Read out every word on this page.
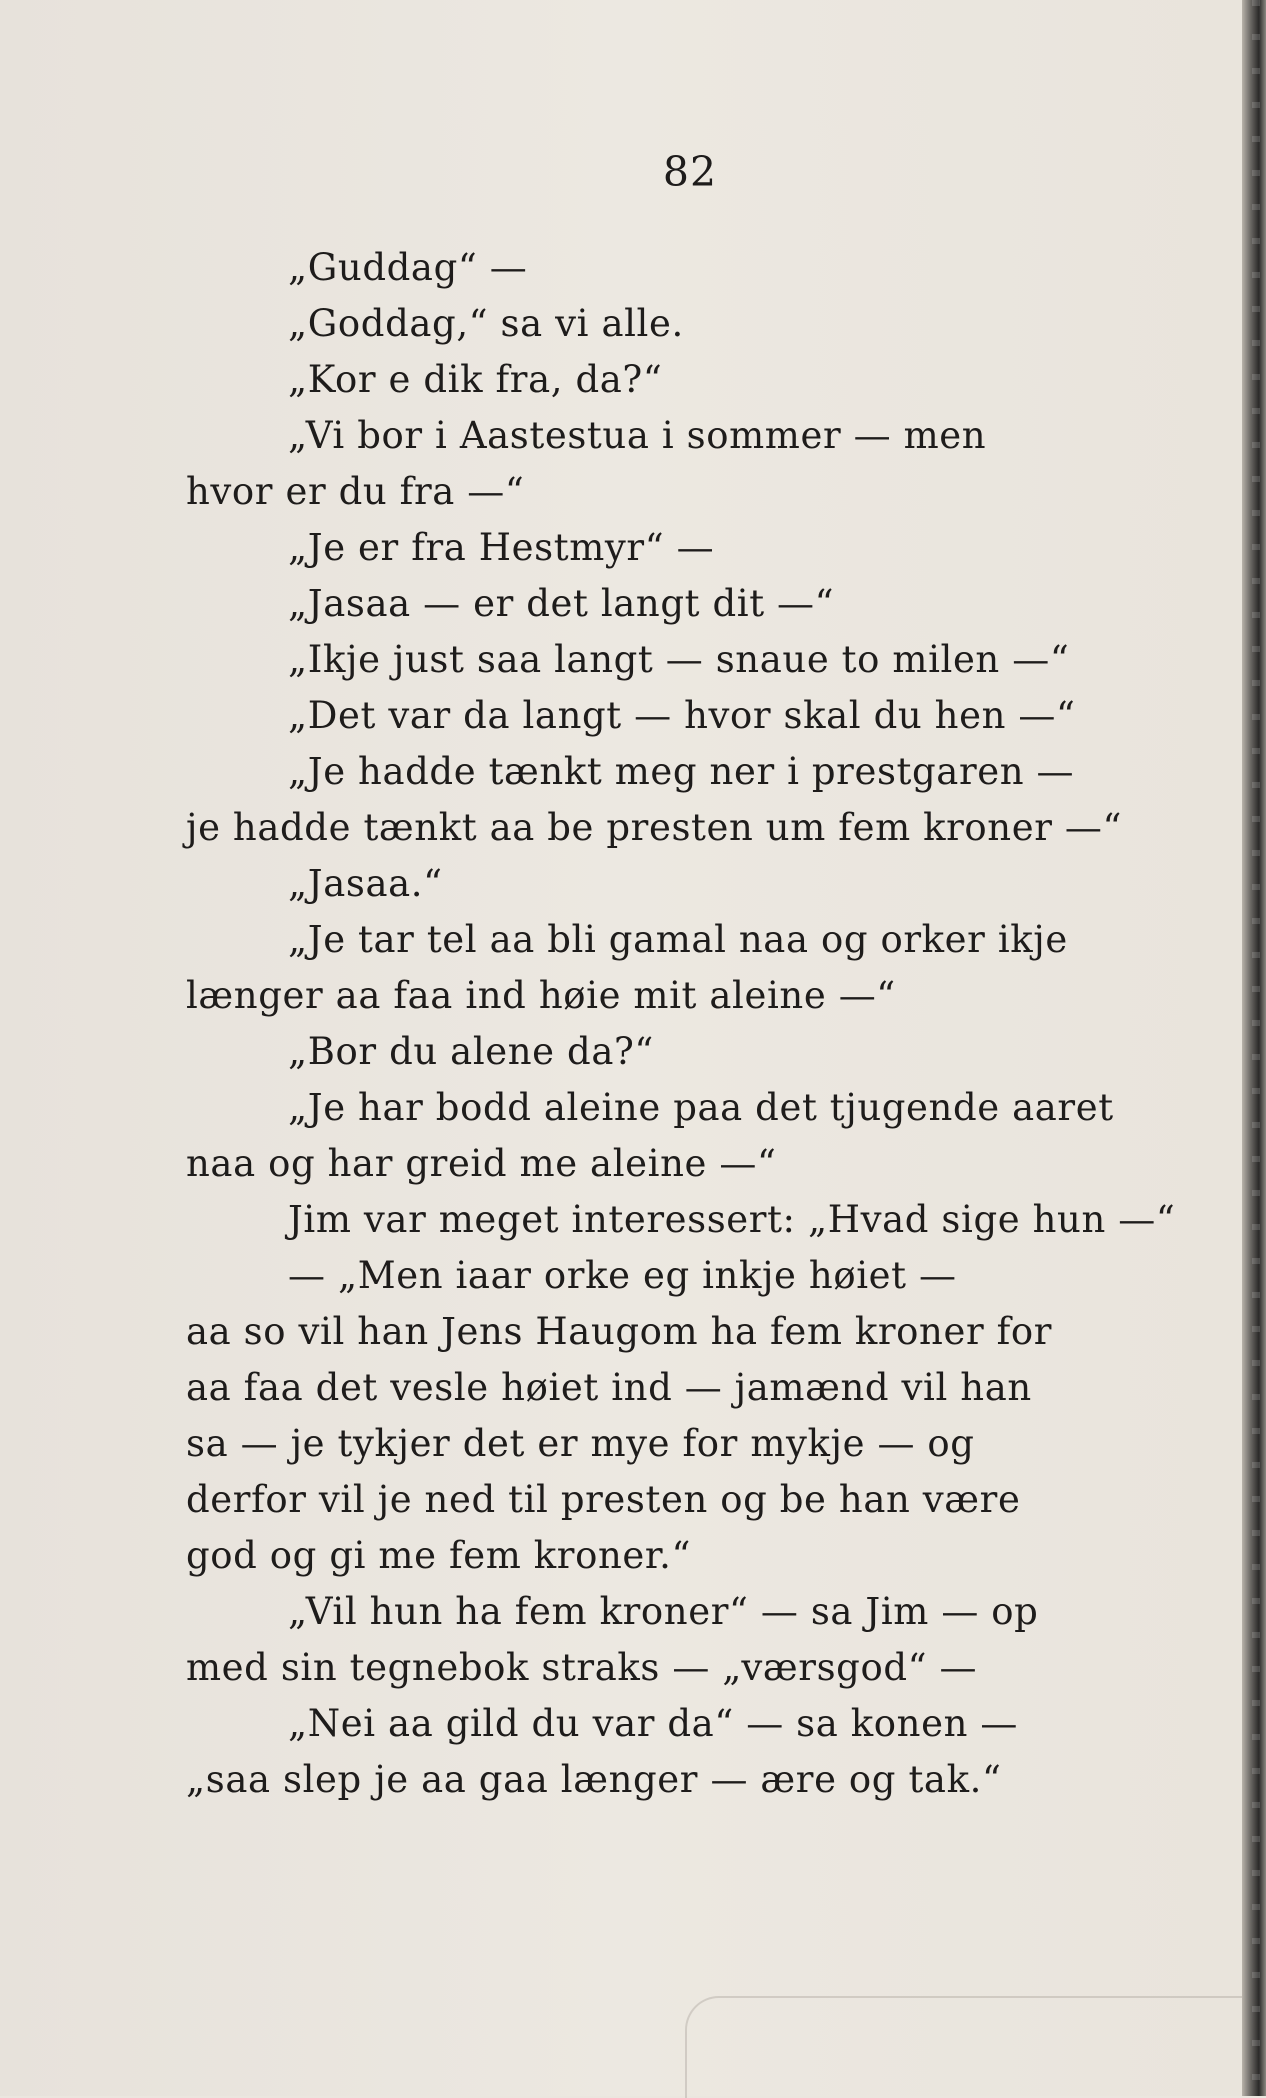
82
„Guddag“ —
„Goddag,“ sa vi alle.
„Kor e dik fra, da?“
„Vi bor i Aastestua i sommer — men
hvor er du fra —“
„Je er fra Hestmyr“ —
„Jasaa — er det langt dit —“
„Ikje just saa langt — snaue to milen —“
„Det var da langt — hvor skal du hen —“
„Je hadde tænkt meg ner i prestgaren —
je hadde tænkt aa be presten um fem kroner —“
„Jasaa.“
„Je tar tel aa bli gamal naa og orker ikje
længer aa faa ind høie mit aleine —“
„Bor du alene da?“
„Je har bodd aleine paa det tjugende aaret
naa og har greid me aleine —“
Jim var meget interessert: „Hvad sige hun —“
— „Men iaar orke eg inkje høiet —
aa so vil han Jens Haugom ha fem kroner for
aa faa det vesle høiet ind — jamænd vil han
sa — je tykjer det er mye for mykje — og
derfor vil je ned til presten og be han være
god og gi me fem kroner.“
„Vil hun ha fem kroner“ — sa Jim — op
med sin tegnebok straks — „værsgod“ —
„Nei aa gild du var da“ — sa konen —
„saa slep je aa gaa længer — ære og tak.“
